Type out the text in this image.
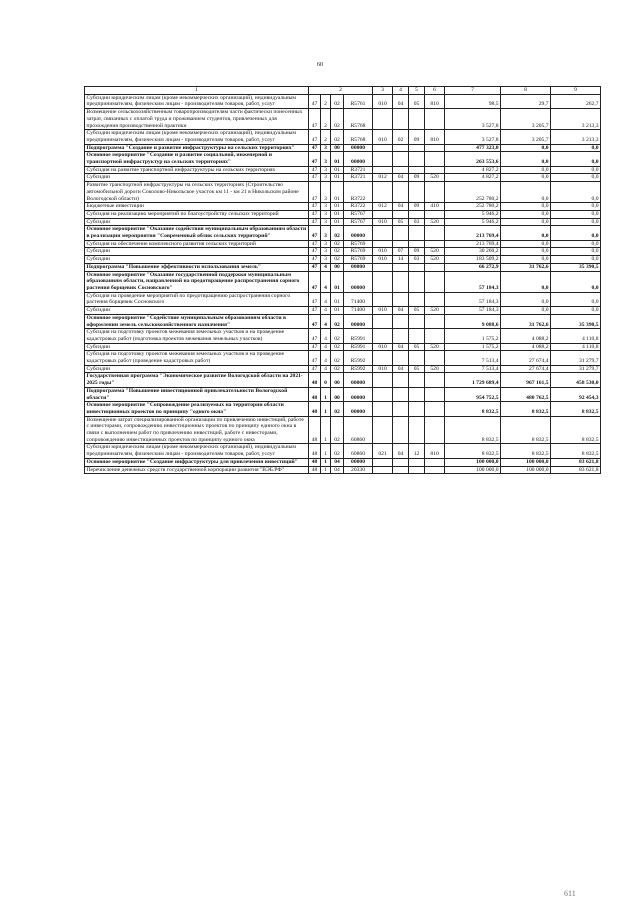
60
1	2				3	4	5	6	7	8	9
Субсидии юридическим лицам (кроме некоммерческих организаций), индивидуальным предпринимателям, физическим лицам - производителям товаров, работ, услуг	47	2	02	R5761	010	04	05	810	98,5	29,7	262,7
Возмещение сельскохозяйственным товаропроизводителям части фактически понесенных затрат, связанных с оплатой труда и проживанием студентов, привлеченных для прохождения производственной практики	47	2	02	R5768					3 527,8	3 205,7	3 213,3
Субсидии юридическим лицам (кроме некоммерческих организаций), индивидуальным предпринимателям, физическим лицам - производителям товаров, работ, услуг	47	2	02	R5768	010	02	09	810	3 527,8	3 205,7	3 213,3
Подпрограмма "Создание и развитие инфраструктуры на сельских территориях"	47	3	00	00000					477 323,0	0,0	0,0
Основное мероприятие "Создание и развитие социальной, инженерной и транспортной инфраструктур на сельских территориях"	47	3	01	00000					263 553,6	0,0	0,0
Субсидия на развитие транспортной инфраструктуры на сельских территориях	47	3	01	R3721					4 827,2	0,0	0,0
Субсидии	47	3	01	R3721	012	04	09	520	4 827,2	0,0	0,0
Развитие транспортной инфраструктуры на сельских территориях (Строительство автомобильной дороги Соколово-Никольское участок км 11 - км 21 в Никольском районе Вологодской области)	47	3	01	R3722					252 780,2	0,0	0,0
Бюджетные инвестиции	47	3	01	R3722	012	04	09	410	252 780,2	0,0	0,0
Субсидия на реализацию мероприятий по благоустройству сельских территорий	47	3	01	R5767					5 946,2	0,0	0,0
Субсидии	47	3	01	R5767	010	05	03	520	5 946,2	0,0	0,0
Основное мероприятие "Оказание содействия муниципальным образованиям области в реализации мероприятия "Современный облик сельских территорий"	47	3	02	00000					213 769,4	0,0	0,0
Субсидия на обеспечение комплексного развития сельских территорий	47	3	02	R5769					213 769,4	0,0	0,0
Субсидии	47	3	02	R5769	010	07	09	520	30 260,2	0,0	0,0
Субсидии	47	3	02	R5769	010	14	03	520	183 509,2	0,0	0,0
Подпрограмма "Повышение эффективности использования земель"	47	4	00	00000					66 272,9	31 762,6	35 390,5
Основное мероприятие "Оказание государственной поддержки муниципальным образованиям области, направленной на предотвращение распространения сорного растения борщевик Сосновского"	47	4	01	00000					57 184,3	0,0	0,0
Субсидия на проведение мероприятий по предотвращению распространения сорного растения борщевик Сосновского	47	4	01	71400					57 184,3	0,0	0,0
Субсидии	47	4	01	71400	010	04	05	520	57 184,3	0,0	0,0
Основное мероприятие "Содействие муниципальным образованиям области в оформлении земель сельскохозяйственного назначения"	47	4	02	00000					9 088,6	31 762,6	35 390,5
Субсидия на подготовку проектов межевания земельных участков и на проведение кадастровых работ (подготовка проектов межевания земельных участков)	47	4	02	R5991					1 575,2	4 088,2	4 110,8
Субсидии	47	4	02	R5991	010	04	05	520	1 575,2	4 088,2	4 110,8
Субсидия на подготовку проектов межевания земельных участков и на проведение кадастровых работ (проведение кадастровых работ)	47	4	02	R5992					7 513,4	27 674,4	31 279,7
Субсидии	47	4	02	R5992	010	04	05	520	7 513,4	27 674,4	31 279,7
Государственная программа "Экономическое развитие Вологодской области на 2021-2025 годы"	48	0	00	00000					1 729 689,4	967 161,5	458 530,0
Подпрограмма "Повышение инвестиционной привлекательности Вологодской области"	48	1	00	00000					954 752,5	480 762,5	92 454,3
Основное мероприятие "Сопровождение реализуемых на территории области инвестиционных проектов по принципу "одного окна"	48	1	02	00000					8 832,5	8 832,5	8 832,5
Возмещение затрат специализированной организации по привлечению инвестиций, работе с инвесторами, сопровождению инвестиционных проектов по принципу единого окна в связи с выполнением работ по привлечению инвестиций, работе с инвесторами, сопровождению инвестиционных проектов по принципу единого окна	48	1	02	60860					8 832,5	8 832,5	8 832,5
Субсидии юридическим лицам (кроме некоммерческих организаций), индивидуальным предпринимателям, физическим лицам - производителям товаров, работ, услуг	48	1	02	60860	021	04	12	810	8 832,5	8 832,5	8 832,5
Основное мероприятие "Создание инфраструктуры для привлечения инвестиций"	48	1	04	00000					100 000,0	100 000,0	83 621,8
Перечисление денежных средств государственной корпорации развития "ВЭБ.РФ"	48	1	04	20330					100 000,0	100 000,0	83 621,8
611
